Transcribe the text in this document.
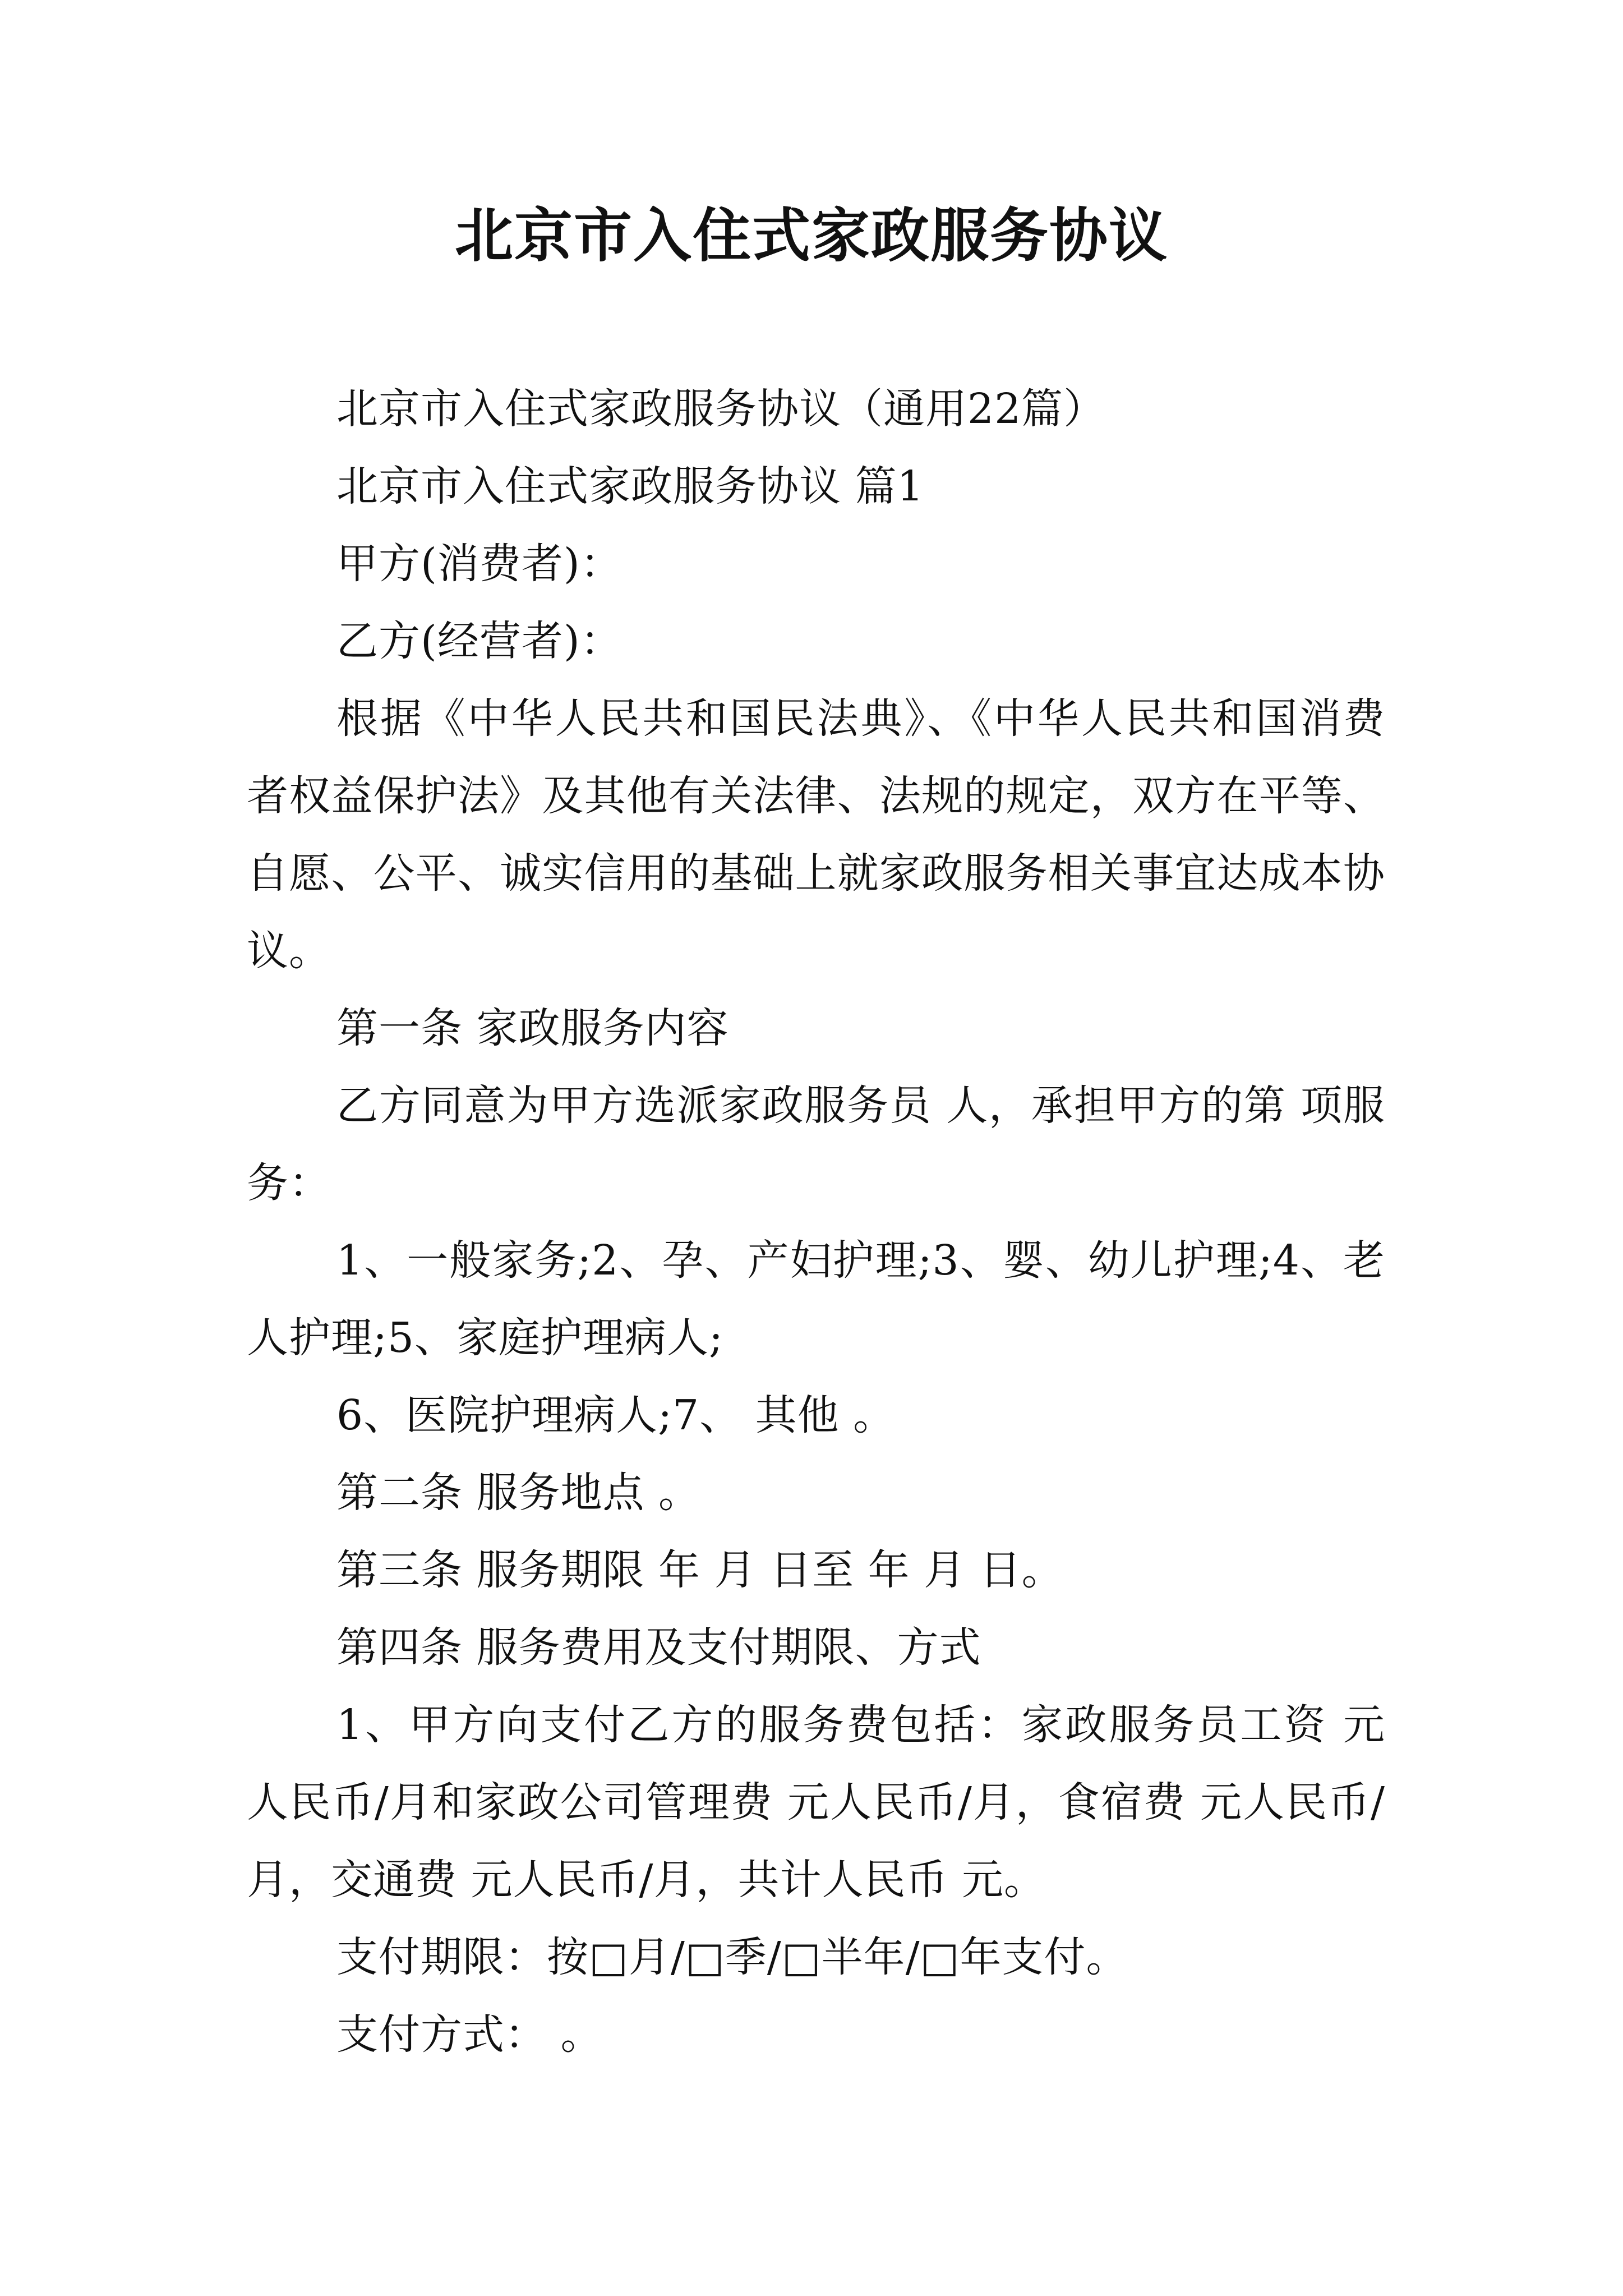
北京市入住式家政服务协议

北京市入住式家政服务协议（通用22篇）

北京市入住式家政服务协议 篇1

甲方(消费者)：

乙方(经营者)：

根据《中华人民共和国民法典》、《中华人民共和国消费者权益保护法》及其他有关法律、法规的规定，双方在平等、自愿、公平、诚实信用的基础上就家政服务相关事宜达成本协议。

第一条 家政服务内容

乙方同意为甲方选派家政服务员 人，承担甲方的第 项服务：

1、一般家务;2、孕、产妇护理;3、婴、幼儿护理;4、老人护理;5、家庭护理病人;

6、医院护理病人;7、 其他 。

第二条 服务地点 。

第三条 服务期限 年 月 日至 年 月 日。

第四条 服务费用及支付期限、方式

1、甲方向支付乙方的服务费包括：家政服务员工资 元人民币/月和家政公司管理费 元人民币/月，食宿费 元人民币/月，交通费 元人民币/月，共计人民币 元。

支付期限：按□月/□季/□半年/□年支付。

支付方式： 。
